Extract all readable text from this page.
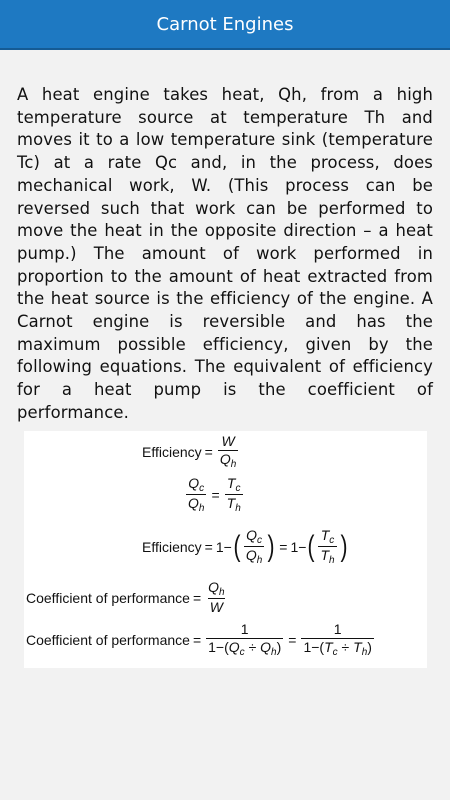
Carnot Engines

A heat engine takes heat, Qh, from a high temperature source at temperature Th and moves it to a low temperature sink (temperature Tc) at a rate Qc and, in the process, does mechanical work, W. (This process can be reversed such that work can be performed to move the heat in the opposite direction – a heat pump.) The amount of work performed in proportion to the amount of heat extracted from the heat source is the efficiency of the engine. A Carnot engine is reversible and has the maximum possible efficiency, given by the following equations. The equivalent of efficiency for a heat pump is the coefficient of performance.

Efficiency = $\frac{W}{Q_h}$
$\frac{Q_c}{Q_h} = \frac{T_c}{T_h}$
Efficiency = 1− ( $\frac{Q_c}{Q_h}$ ) = 1− ( $\frac{T_c}{T_h}$ )
Coefficient of performance = $\frac{Q_h}{W}$
Coefficient of performance = $\frac{1}{1-(Q_c \div Q_h)} = \frac{1}{1-(T_c \div T_h)}$
